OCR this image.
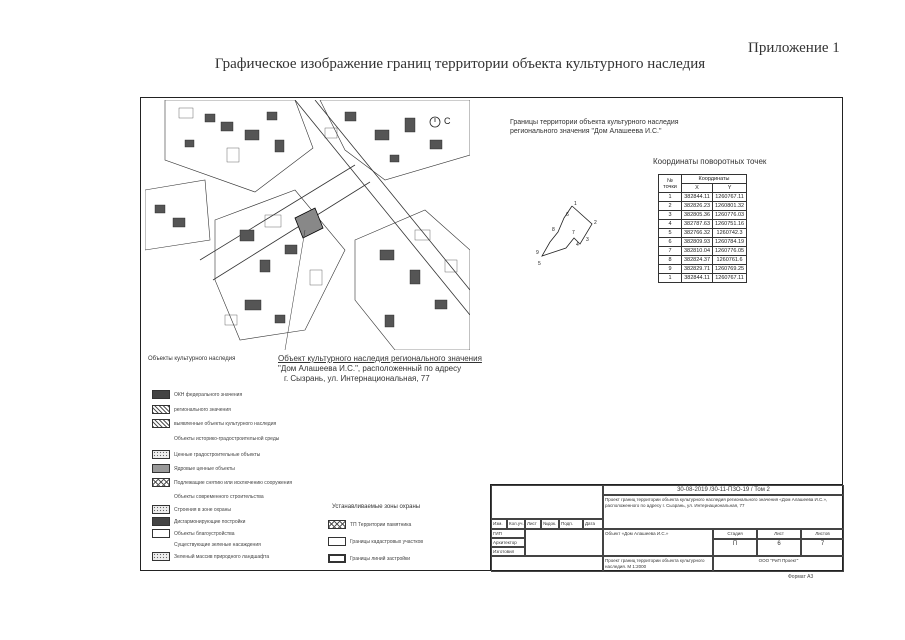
Приложение 1
Графическое изображение границ территории объекта культурного наследия
С
Объект культурного наследия регионального значения
"Дом Алашеева И.С.", расположенный по адресу
г. Сызрань, ул. Интернациональная, 77
Границы территории объекта культурного наследия
регионального значения "Дом Алашеева И.С."
1
2
3
4
5
6
7
8
9
Координаты поворотных точек
№ точки	Координаты	
	X	Y
1	382844.11	1260767.11
2	382826.23	1260801.32
3	382805.36	1260776.03
4	382787.63	1260751.16
5	382766.32	1260742.3
6	382809.93	1260784.19
7	382810.04	1260776.05
8	382824.37	1260761.6
9	382829.71	1260769.25
1	382844.11	1260767.11
Объекты культурного наследия
ОКН федерального значения
регионального значения
выявленные объекты культурного наследия
Объекты историко-градостроительной среды
Ценные градостроительные объекты
Ядровые ценные объекты
Подлежащие снятию или исключению сооружения
Объекты современного строительства
Строения в зоне охраны
Дисгармонирующие постройки
Объекты благоустройства
Существующие зеленые насаждения
Зеленый массив природного ландшафта
Устанавливаемые зоны охраны
ТП Территории памятника
Границы кадастровых участков
Границы линий застройки
30-08-2019 /30-11-ПЗО-19 / Том 2
Проект границ территории объекта культурного наследия регионального значения «Дом Алашеева И.С.», расположенного по адресу г. Сызрань, ул. Интернациональная, 77
Изм.	Кол.уч. Лист	№док.	Подп.	Дата
ГИП
Архитектор
Изготовил
Объект «Дом Алашеева И.С.»	Стадия	Лист	Листов
П	6	7
Проект границ территории объекта культурного наследия. М 1:2000
ООО "РиП Проект"
Формат А3
